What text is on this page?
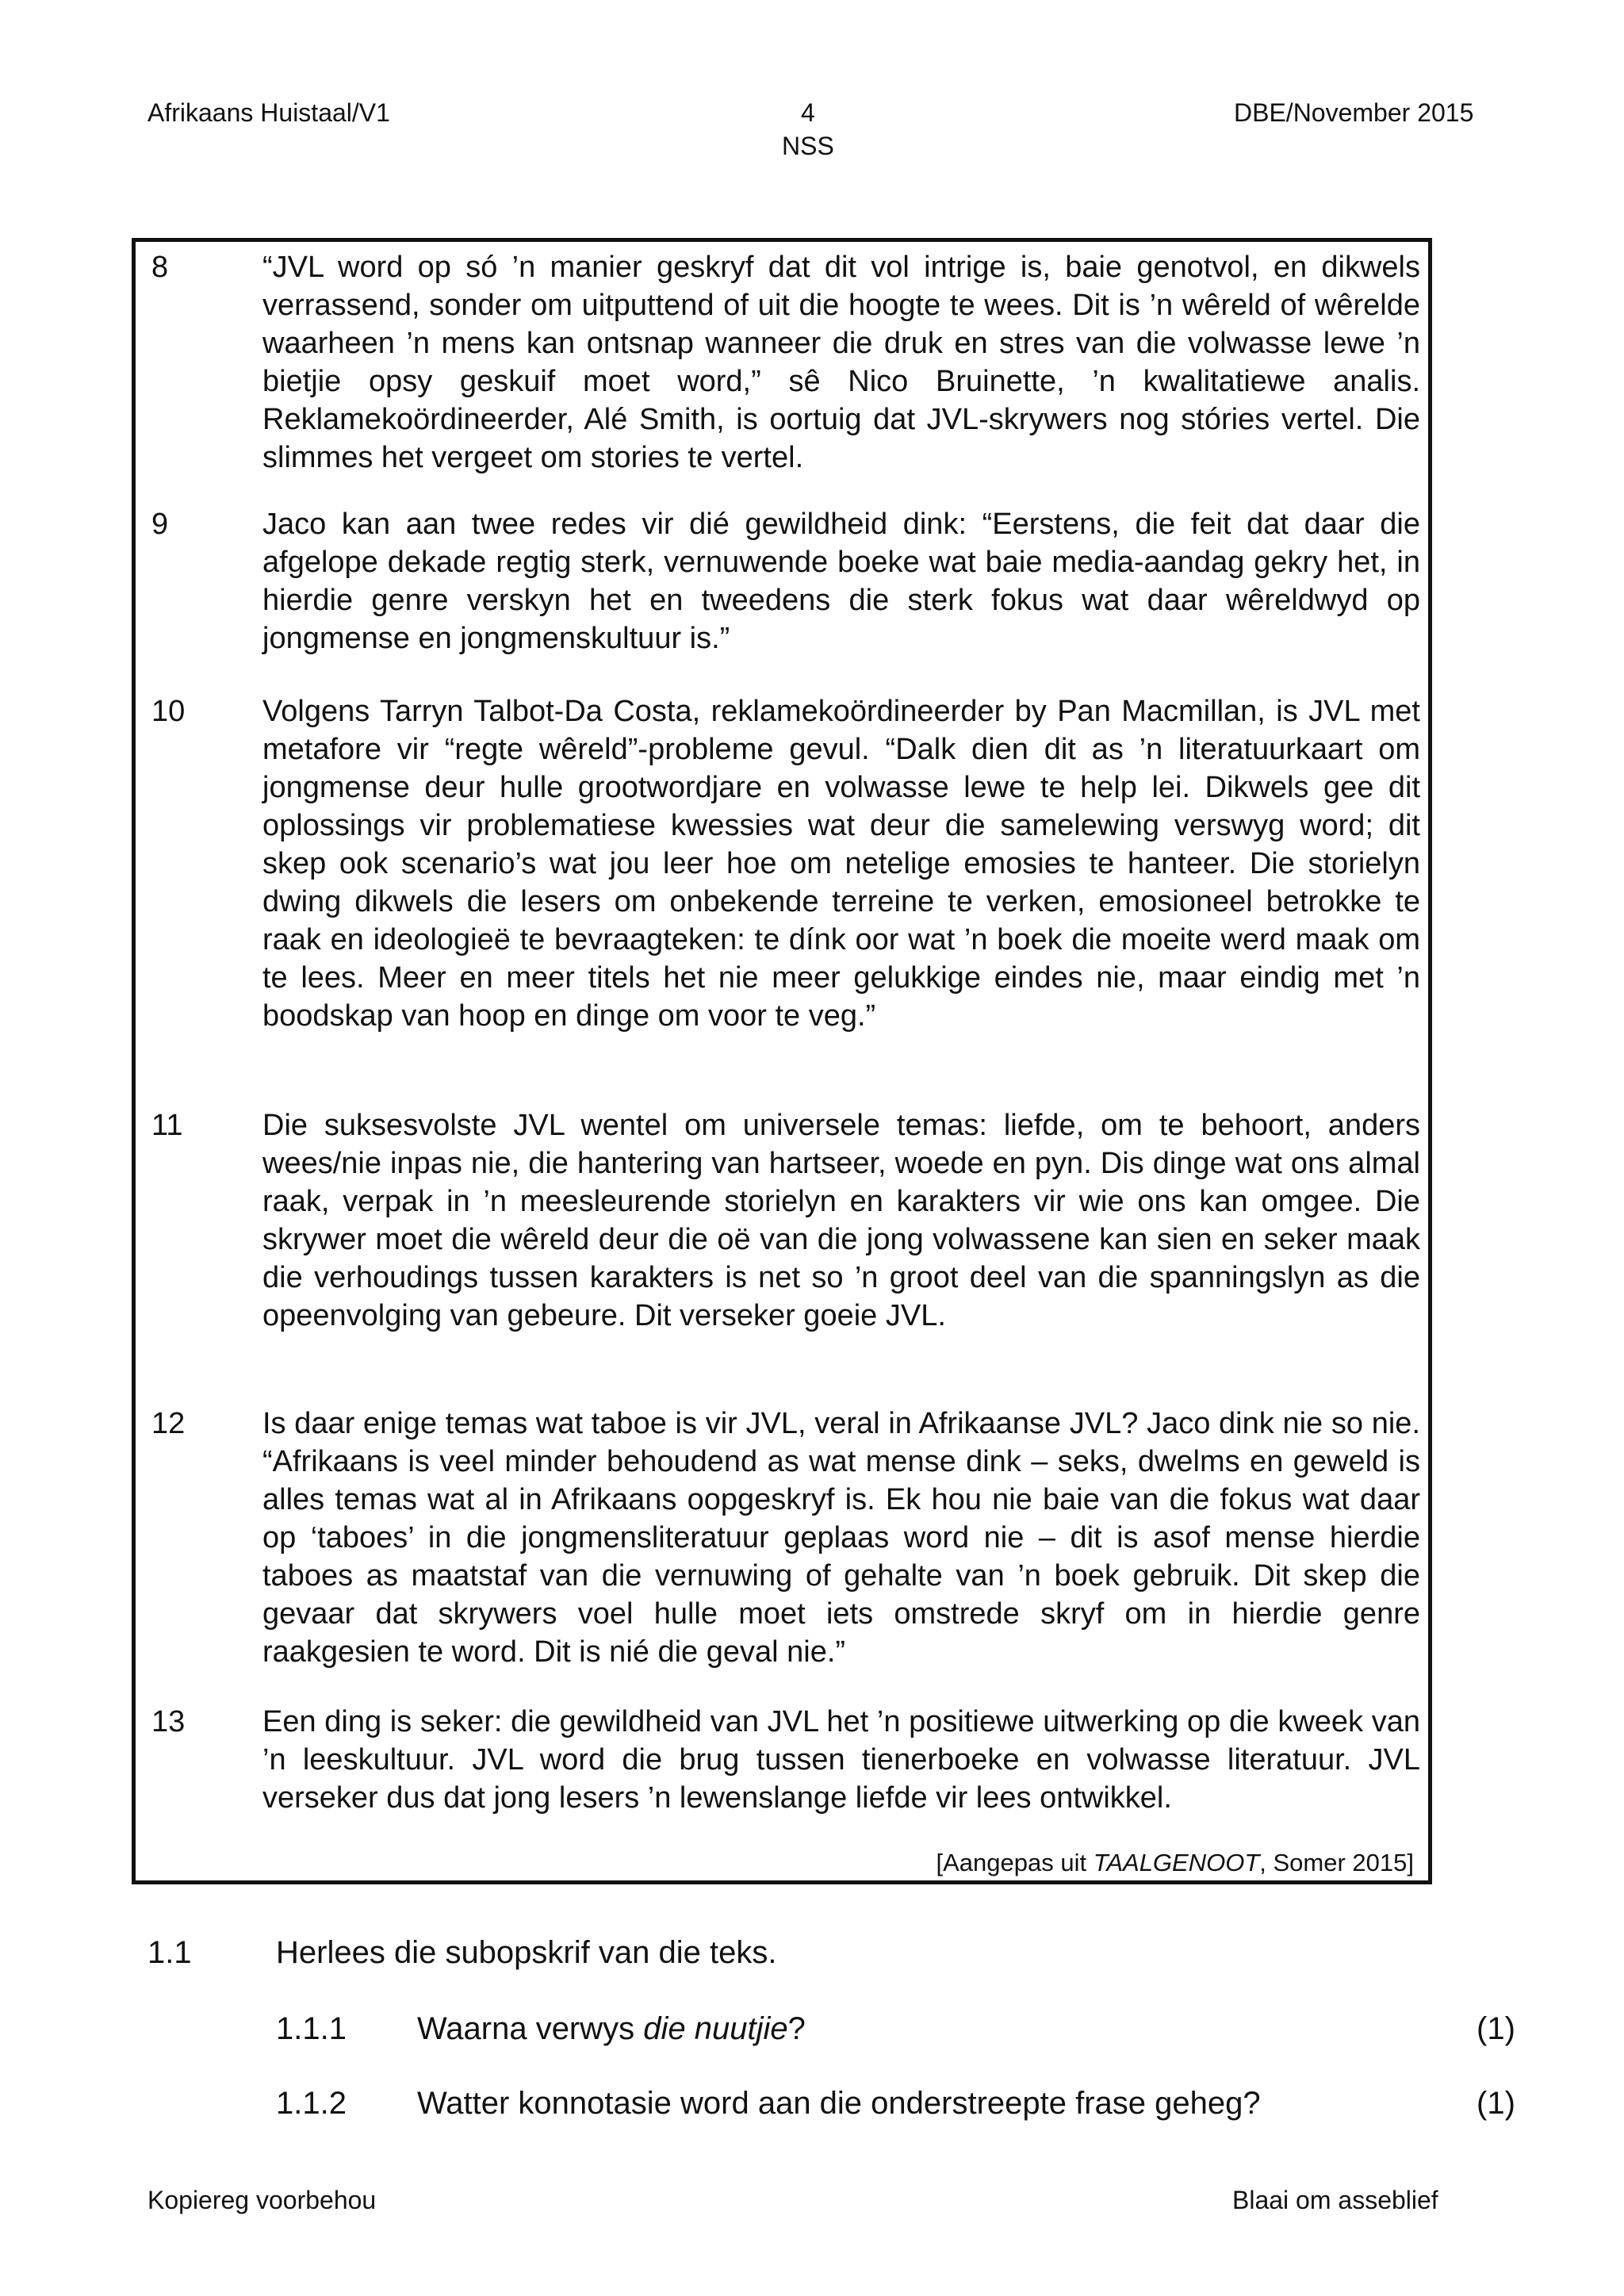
Afrikaans Huistaal/V1	4
NSS
DBE/November 2015
8	“JVL word op só ’n manier geskryf dat dit vol intrige is, baie genotvol, en dikwels verrassend, sonder om uitputtend of uit die hoogte te wees. Dit is ’n wêreld of wêrelde waarheen ’n mens kan ontsnap wanneer die druk en stres van die volwasse lewe ’n bietjie opsy geskuif moet word,” sê Nico Bruinette, ’n kwalitatiewe analis. Reklamekoördineerder, Alé Smith, is oortuig dat JVL-skrywers nog stóries vertel. Die slimmes het vergeet om stories te vertel.

9	Jaco kan aan twee redes vir dié gewildheid dink: “Eerstens, die feit dat daar die afgelope dekade regtig sterk, vernuwende boeke wat baie media-aandag gekry het, in hierdie genre verskyn het en tweedens die sterk fokus wat daar wêreldwyd op jongmense en jongmenskultuur is.”

10	Volgens Tarryn Talbot-Da Costa, reklamekoördineerder by Pan Macmillan, is JVL met metafore vir “regte wêreld”-probleme gevul. “Dalk dien dit as ’n literatuurkaart om jongmense deur hulle grootwordjare en volwasse lewe te help lei. Dikwels gee dit oplossings vir problematiese kwessies wat deur die samelewing verswyg word; dit skep ook scenario’s wat jou leer hoe om netelige emosies te hanteer. Die storielyn dwing dikwels die lesers om onbekende terreine te verken, emosioneel betrokke te raak en ideologieë te bevraagteken: te dínk oor wat ’n boek die moeite werd maak om te lees. Meer en meer titels het nie meer gelukkige eindes nie, maar eindig met ’n boodskap van hoop en dinge om voor te veg.”

11	Die suksesvolste JVL wentel om universele temas: liefde, om te behoort, anders wees/nie inpas nie, die hantering van hartseer, woede en pyn. Dis dinge wat ons almal raak, verpak in ’n meesleurende storielyn en karakters vir wie ons kan omgee. Die skrywer moet die wêreld deur die oë van die jong volwassene kan sien en seker maak die verhoudings tussen karakters is net so ’n groot deel van die spanningslyn as die opeenvolging van gebeure. Dit verseker goeie JVL.

12	Is daar enige temas wat taboe is vir JVL, veral in Afrikaanse JVL? Jaco dink nie so nie. “Afrikaans is veel minder behoudend as wat mense dink – seks, dwelms en geweld is alles temas wat al in Afrikaans oopgeskryf is. Ek hou nie baie van die fokus wat daar op ‘taboes’ in die jongmensliteratuur geplaas word nie – dit is asof mense hierdie taboes as maatstaf van die vernuwing of gehalte van ’n boek gebruik. Dit skep die gevaar dat skrywers voel hulle moet iets omstrede skryf om in hierdie genre raakgesien te word. Dit is nié die geval nie.”

13	Een ding is seker: die gewildheid van JVL het ’n positiewe uitwerking op die kweek van ’n leeskultuur. JVL word die brug tussen tienerboeke en volwasse literatuur. JVL verseker dus dat jong lesers ’n lewenslange liefde vir lees ontwikkel.

[Aangepas uit TAALGENOOT, Somer 2015]
1.1	Herlees die subopskrif van die teks.
1.1.1 Waarna verwys die nuutjie?	(1)
1.1.2 Watter konnotasie word aan die onderstreepte frase geheg?	(1)
Kopiereg voorbehou	Blaai om asseblief
